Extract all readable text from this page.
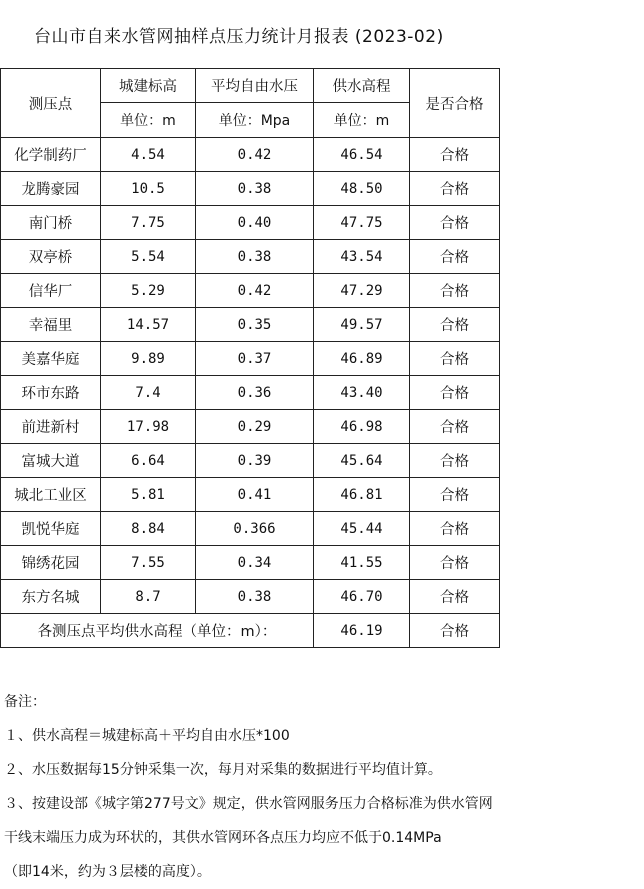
台山市自来水管网抽样点压力统计月报表 (2023-02)
测压点	城建标高	平均自由水压	供水高程	是否合格
	单位：m	单位：Mpa	单位：m	
化学制药厂	4.54	0.42	46.54	合格
龙腾豪园	10.5	0.38	48.50	合格
南门桥	7.75	0.40	47.75	合格
双亭桥	5.54	0.38	43.54	合格
信华厂	5.29	0.42	47.29	合格
幸福里	14.57	0.35	49.57	合格
美嘉华庭	9.89	0.37	46.89	合格
环市东路	7.4	0.36	43.40	合格
前进新村	17.98	0.29	46.98	合格
富城大道	6.64	0.39	45.64	合格
城北工业区	5.81	0.41	46.81	合格
凯悦华庭	8.84	0.366	45.44	合格
锦绣花园	7.55	0.34	41.55	合格
东方名城	8.7	0.38	46.70	合格
各测压点平均供水高程（单位：m）：			46.19	合格
备注：
１、供水高程＝城建标高＋平均自由水压*100
２、水压数据每15分钟采集一次，每月对采集的数据进行平均值计算。
３、按建设部《城字第277号文》规定，供水管网服务压力合格标准为供水管网
干线末端压力成为环状的，其供水管网环各点压力均应不低于0.14MPa
（即14米，约为３层楼的高度）。
